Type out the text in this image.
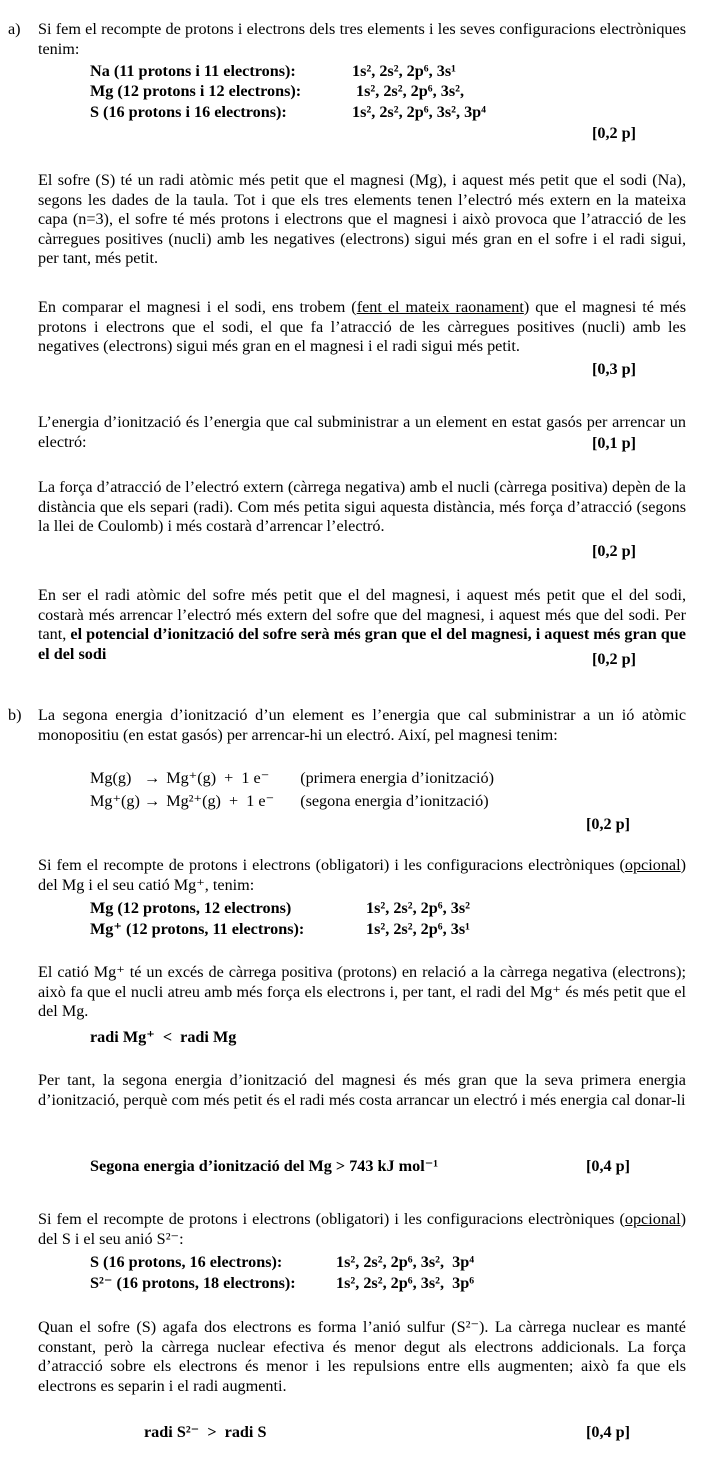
a) Si fem el recompte de protons i electrons dels tres elements i les seves configuracions electròniques tenim:
Na (11 protons i 11 electrons):	1s², 2s², 2p⁶, 3s¹
Mg (12 protons i 12 electrons):	1s², 2s², 2p⁶, 3s²,
S (16 protons i 16 electrons):	1s², 2s², 2p⁶, 3s², 3p⁴
[0,2 p]
El sofre (S) té un radi atòmic més petit que el magnesi (Mg), i aquest més petit que el sodi (Na), segons les dades de la taula. Tot i que els tres elements tenen l’electró més extern en la mateixa capa (n=3), el sofre té més protons i electrons que el magnesi i això provoca que l’atracció de les càrregues positives (nucli) amb les negatives (electrons) sigui més gran en el sofre i el radi sigui, per tant, més petit.
En comparar el magnesi i el sodi, ens trobem (fent el mateix raonament) que el magnesi té més protons i electrons que el sodi, el que fa l’atracció de les càrregues positives (nucli) amb les negatives (electrons) sigui més gran en el magnesi i el radi sigui més petit.
[0,3 p]
L’energia d’ionització és l’energia que cal subministrar a un element en estat gasós per arrencar un electró:	[0,1 p]
La força d’atracció de l’electró extern (càrrega negativa) amb el nucli (càrrega positiva) depèn de la distància que els separi (radi). Com més petita sigui aquesta distància, més força d’atracció (segons la llei de Coulomb) i més costarà d’arrencar l’electró.
[0,2 p]
En ser el radi atòmic del sofre més petit que el del magnesi, i aquest més petit que el del sodi, costarà més arrencar l’electró més extern del sofre que del magnesi, i aquest més que del sodi. Per tant, el potencial d’ionització del sofre serà més gran que el del magnesi, i aquest més gran que el del sodi	[0,2 p]
b) La segona energia d’ionització d’un element es l’energia que cal subministrar a un ió atòmic monopositiu (en estat gasós) per arrencar-hi un electró. Així, pel magnesi tenim:
Mg(g) → Mg⁺(g)  +  1 e⁻ (primera energia d’ionització)
Mg⁺(g) → Mg²⁺(g)  +  1 e⁻ (segona energia d’ionització)
[0,2 p]
Si fem el recompte de protons i electrons (obligatori) i les configuracions electròniques (opcional) del Mg i el seu catió Mg⁺, tenim:
Mg (12 protons, 12 electrons)	1s², 2s², 2p⁶, 3s²
Mg⁺ (12 protons, 11 electrons):	1s², 2s², 2p⁶, 3s¹
El catió Mg⁺ té un excés de càrrega positiva (protons) en relació a la càrrega negativa (electrons); això fa que el nucli atreu amb més força els electrons i, per tant, el radi del Mg⁺ és més petit que el del Mg.
radi Mg⁺  <  radi Mg
Per tant, la segona energia d’ionització del magnesi és més gran que la seva primera energia d’ionització, perquè com més petit és el radi més costa arrancar un electró i més energia cal donar-li
Segona energia d’ionització del Mg > 743 kJ mol⁻¹	[0,4 p]
Si fem el recompte de protons i electrons (obligatori) i les configuracions electròniques (opcional) del S i el seu anió S²⁻:
S (16 protons, 16 electrons):	1s², 2s², 2p⁶, 3s²,  3p⁴
S²⁻ (16 protons, 18 electrons): 1s², 2s², 2p⁶, 3s²,  3p⁶
Quan el sofre (S) agafa dos electrons es forma l’anió sulfur (S²⁻). La càrrega nuclear es manté constant, però la càrrega nuclear efectiva és menor degut als electrons addicionals. La força d’atracció sobre els electrons és menor i les repulsions entre ells augmenten; això fa que els electrons es separin i el radi augmenti.
radi S²⁻  >  radi S	[0,4 p]
